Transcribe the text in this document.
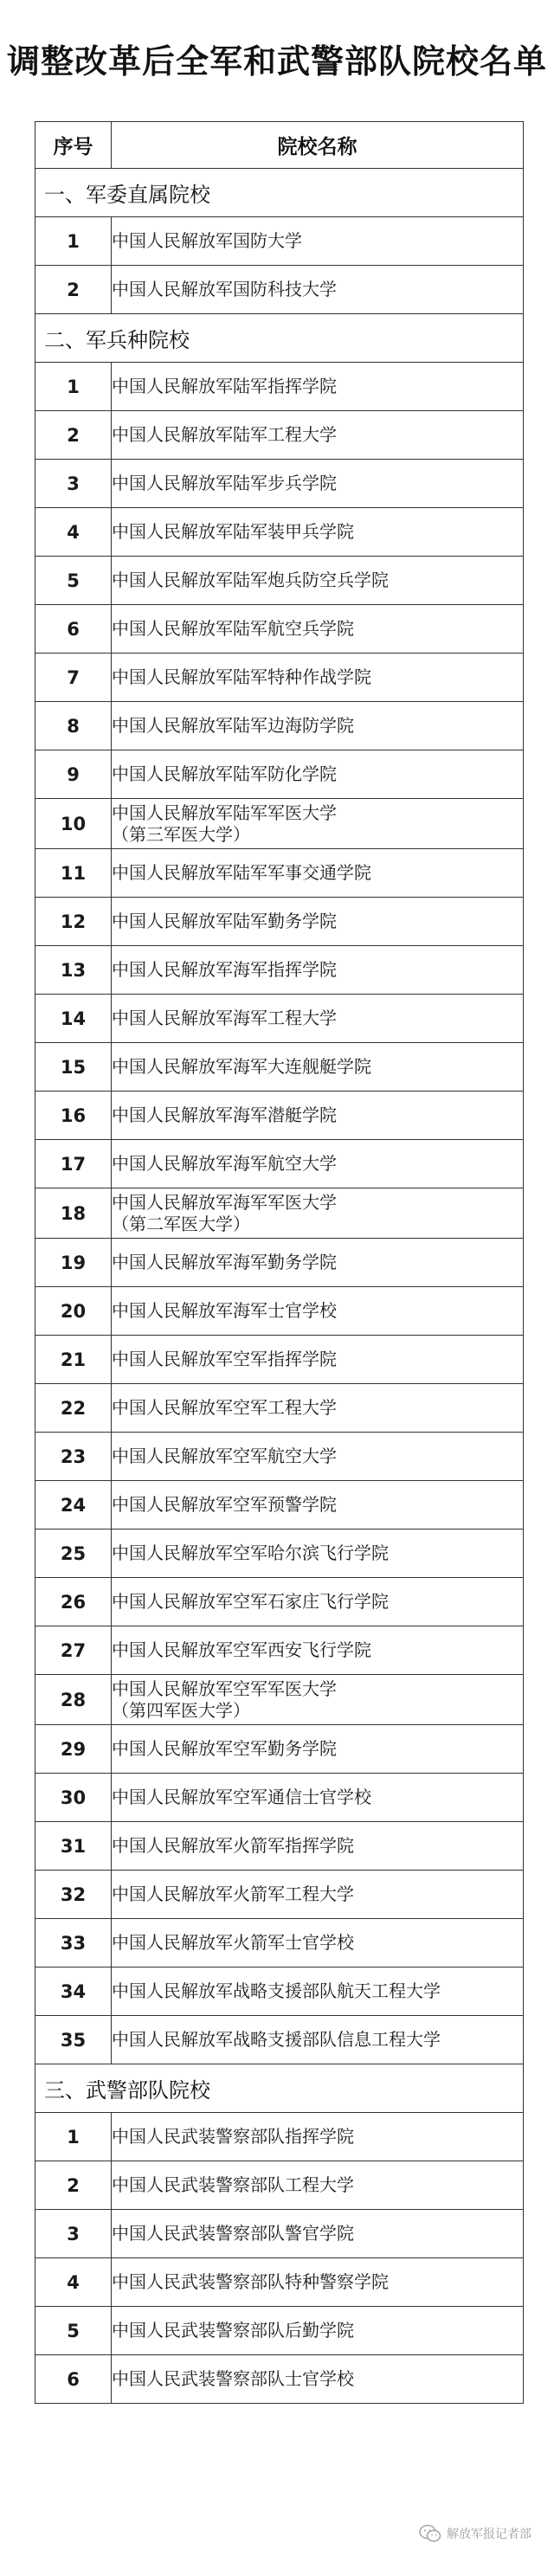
调整改革后全军和武警部队院校名单
序号	院校名称
一、军委直属院校	
1	中国人民解放军国防大学

2	中国人民解放军国防科技大学

二、军兵种院校	
1	中国人民解放军陆军指挥学院

2	中国人民解放军陆军工程大学

3	中国人民解放军陆军步兵学院

4	中国人民解放军陆军装甲兵学院

5	中国人民解放军陆军炮兵防空兵学院

6	中国人民解放军陆军航空兵学院

7	中国人民解放军陆军特种作战学院

8	中国人民解放军陆军边海防学院

9	中国人民解放军陆军防化学院

10	中国人民解放军陆军军医大学
（第三军医大学）

11	中国人民解放军陆军军事交通学院

12	中国人民解放军陆军勤务学院

13	中国人民解放军海军指挥学院

14	中国人民解放军海军工程大学

15	中国人民解放军海军大连舰艇学院

16	中国人民解放军海军潜艇学院

17	中国人民解放军海军航空大学

18	中国人民解放军海军军医大学
（第二军医大学）

19	中国人民解放军海军勤务学院

20	中国人民解放军海军士官学校

21	中国人民解放军空军指挥学院

22	中国人民解放军空军工程大学

23	中国人民解放军空军航空大学

24	中国人民解放军空军预警学院

25	中国人民解放军空军哈尔滨飞行学院

26	中国人民解放军空军石家庄飞行学院

27	中国人民解放军空军西安飞行学院

28	中国人民解放军空军军医大学
（第四军医大学）

29	中国人民解放军空军勤务学院

30	中国人民解放军空军通信士官学校

31	中国人民解放军火箭军指挥学院

32	中国人民解放军火箭军工程大学

33	中国人民解放军火箭军士官学校

34	中国人民解放军战略支援部队航天工程大学

35	中国人民解放军战略支援部队信息工程大学

三、武警部队院校	
1	中国人民武装警察部队指挥学院

2	中国人民武装警察部队工程大学

3	中国人民武装警察部队警官学院

4	中国人民武装警察部队特种警察学院

5	中国人民武装警察部队后勤学院

6	中国人民武装警察部队士官学校
解放军报记者部
